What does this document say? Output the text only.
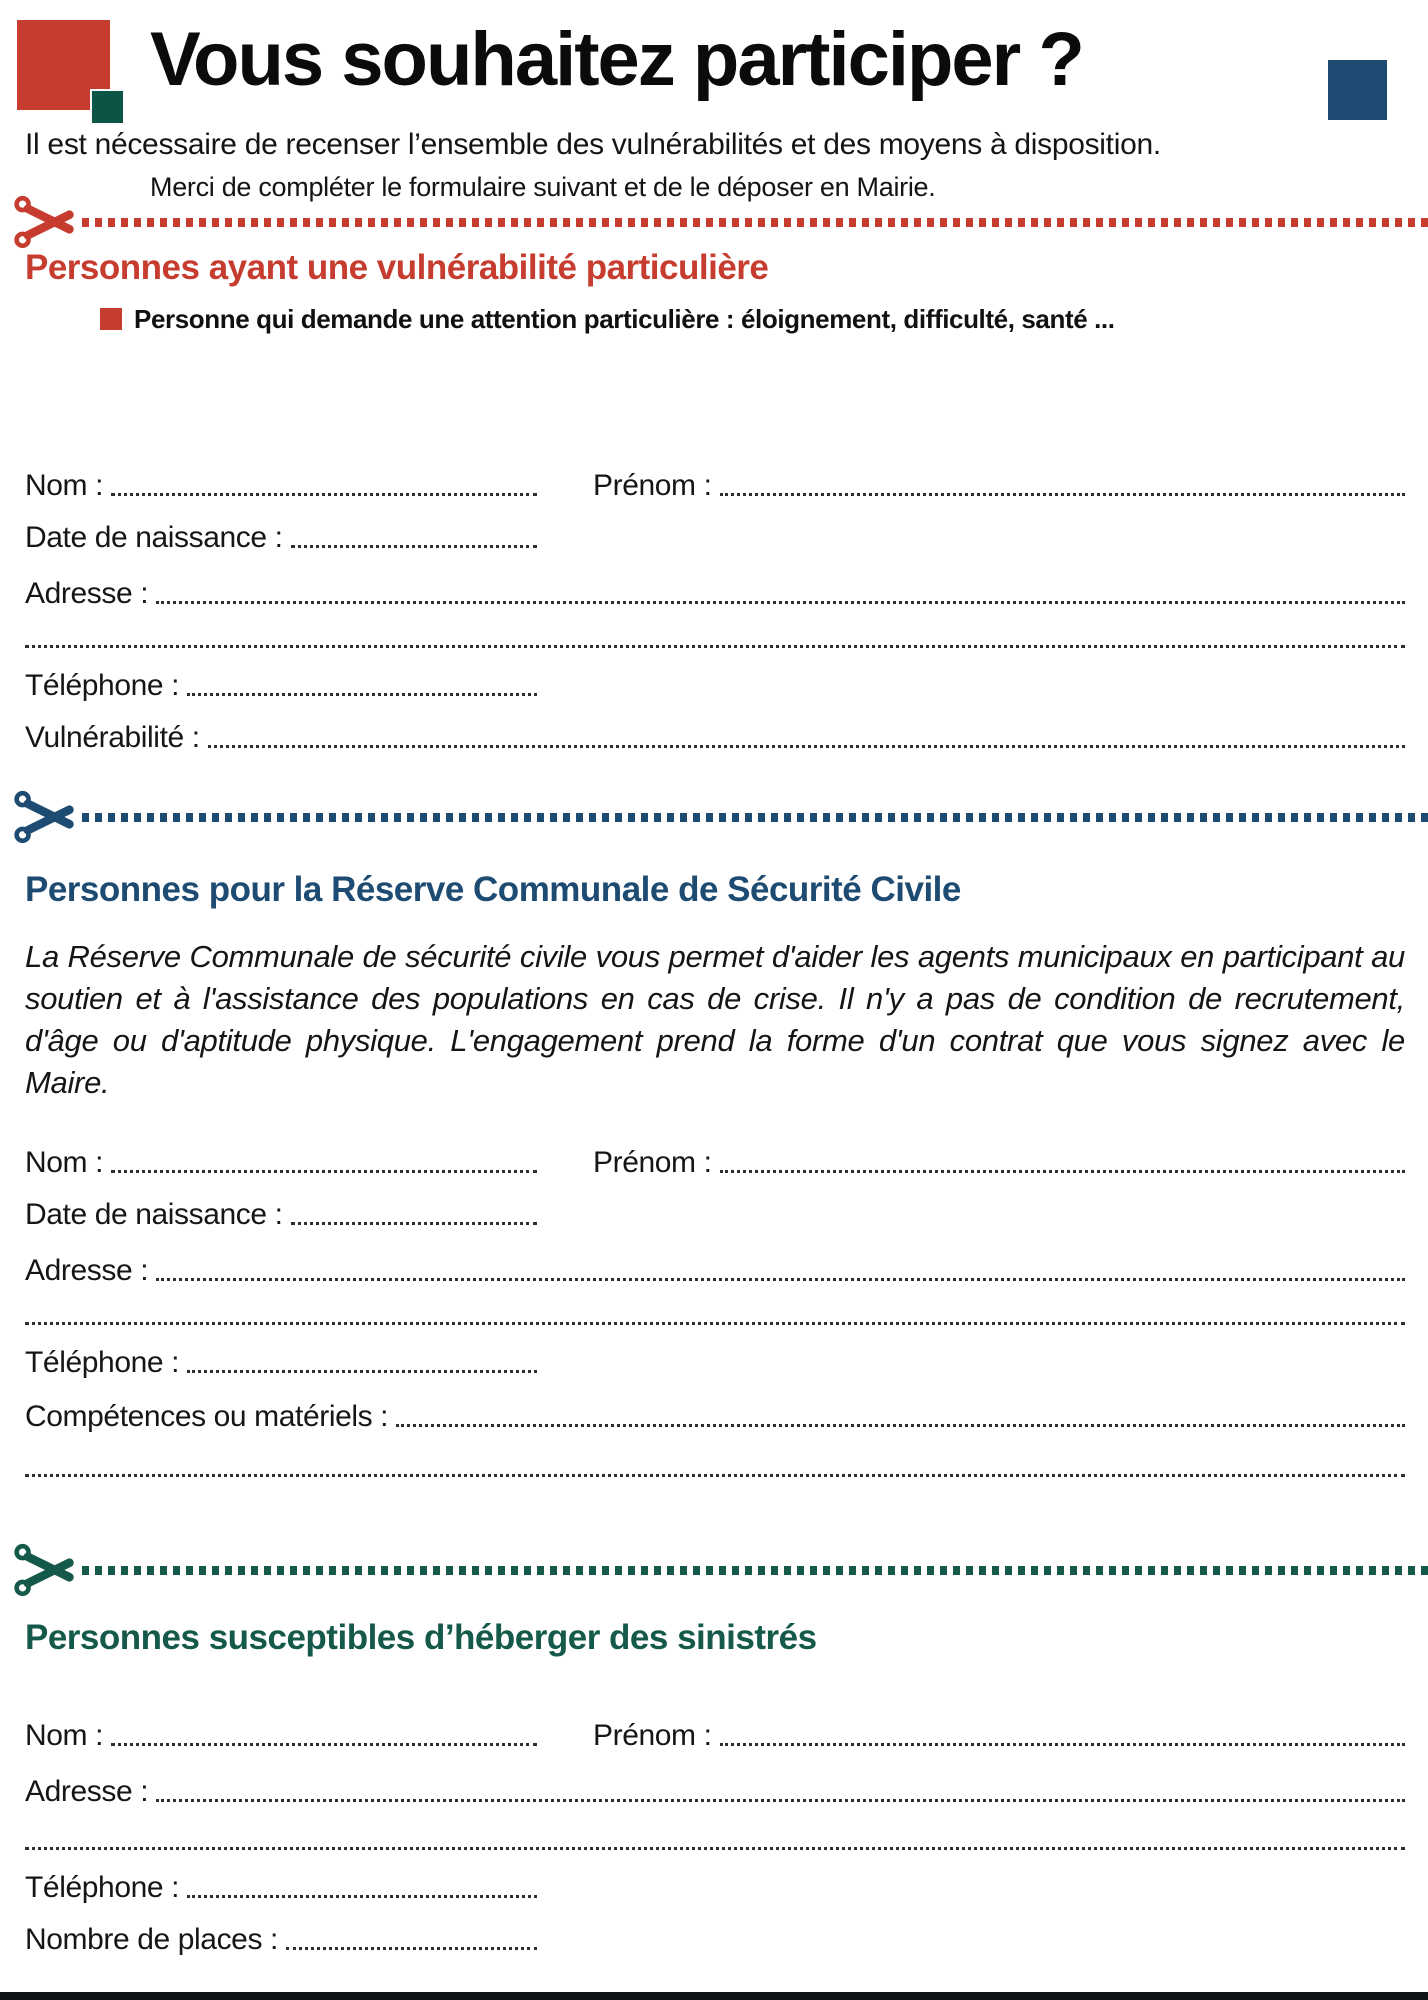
Vous souhaitez participer ?

Il est nécessaire de recenser l’ensemble des vulnérabilités et des moyens à disposition.

Merci de compléter le formulaire suivant et de le déposer en Mairie.

Personnes ayant une vulnérabilité particulière

Personne qui demande une attention particulière : éloignement, difficulté, santé ...

Nom :	Prénom :
Date de naissance :
Adresse :
Téléphone :
Vulnérabilité :
Personnes pour la Réserve Communale de Sécurité Civile

La Réserve Communale de sécurité civile vous permet d'aider les agents municipaux en participant au soutien et à l'assistance des populations en cas de crise. Il n'y a pas de condition de recrutement, d'âge ou d'aptitude physique. L'engagement prend la forme d'un contrat que vous signez avec le Maire.

Nom :	Prénom :
Date de naissance :
Adresse :
Téléphone :
Compétences ou matériels :
Personnes susceptibles d’héberger des sinistrés
Nom :	Prénom :
Adresse :
Téléphone :
Nombre de places :
